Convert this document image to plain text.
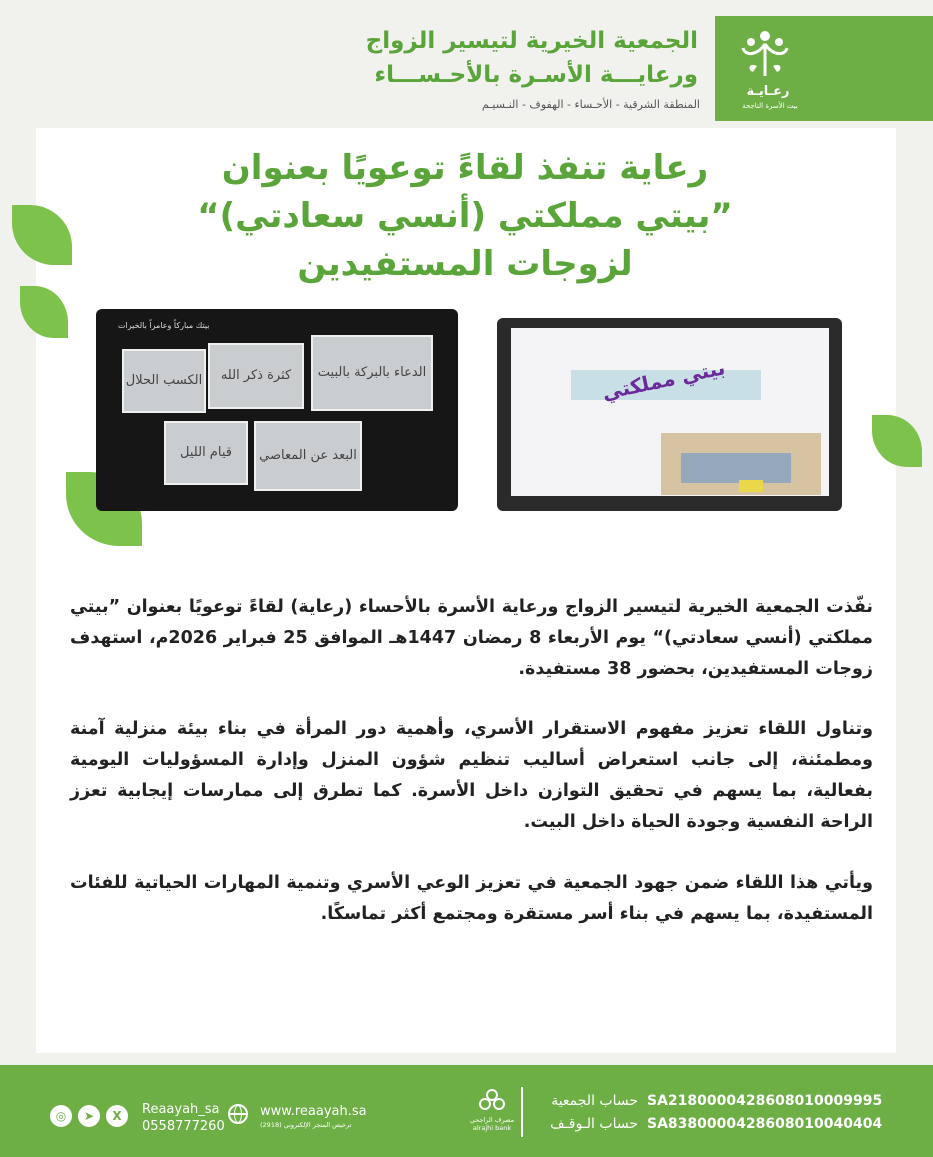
رعـايـة
بيت الأسرة الناجحة
الجمعية الخيرية لتيسير الزواج
ورعايـــة الأسـرة بالأحـســـاء
المنطقة الشرقية - الأحـساء - الهفوف - النـسيـم
رعاية تنفذ لقاءً توعويًا بعنوان
”بيتي مملكتي (أنسي سعادتي)“
لزوجات المستفيدين
بيتك مباركاً وعامراً بالخيرات
الدعاء بالبركة بالبيت
كثرة ذكر الله
الكسب الحلال
البعد عن المعاصي
قيام الليل
بيتي مملكتي
نفّذت الجمعية الخيرية لتيسير الزواج ورعاية الأسرة بالأحساء (رعاية) لقاءً توعويًا بعنوان ”بيتي مملكتي (أنسي سعادتي)“ يوم الأربعاء 8 رمضان 1447هـ الموافق 25 فبراير 2026م، استهدف زوجات المستفيدين، بحضور 38 مستفيدة.
وتناول اللقاء تعزيز مفهوم الاستقرار الأسري، وأهمية دور المرأة في بناء بيئة منزلية آمنة ومطمئنة، إلى جانب استعراض أساليب تنظيم شؤون المنزل وإدارة المسؤوليات اليومية بفعالية، بما يسهم في تحقيق التوازن داخل الأسرة. كما تطرق إلى ممارسات إيجابية تعزز الراحة النفسية وجودة الحياة داخل البيت.
ويأتي هذا اللقاء ضمن جهود الجمعية في تعزيز الوعي الأسري وتنمية المهارات الحياتية للفئات المستفيدة، بما يسهم في بناء أسر مستقرة ومجتمع أكثر تماسكًا.
SA2180000428608010009995
SA8380000428608010040404
حساب الجمعية
حساب الـوقـف
مصرف الراجحي
alrajhi bank
www.reaayah.sa
ترخيص المتجر الإلكتروني (2918)
Reaayah_sa
0558777260
X
➤
◎
